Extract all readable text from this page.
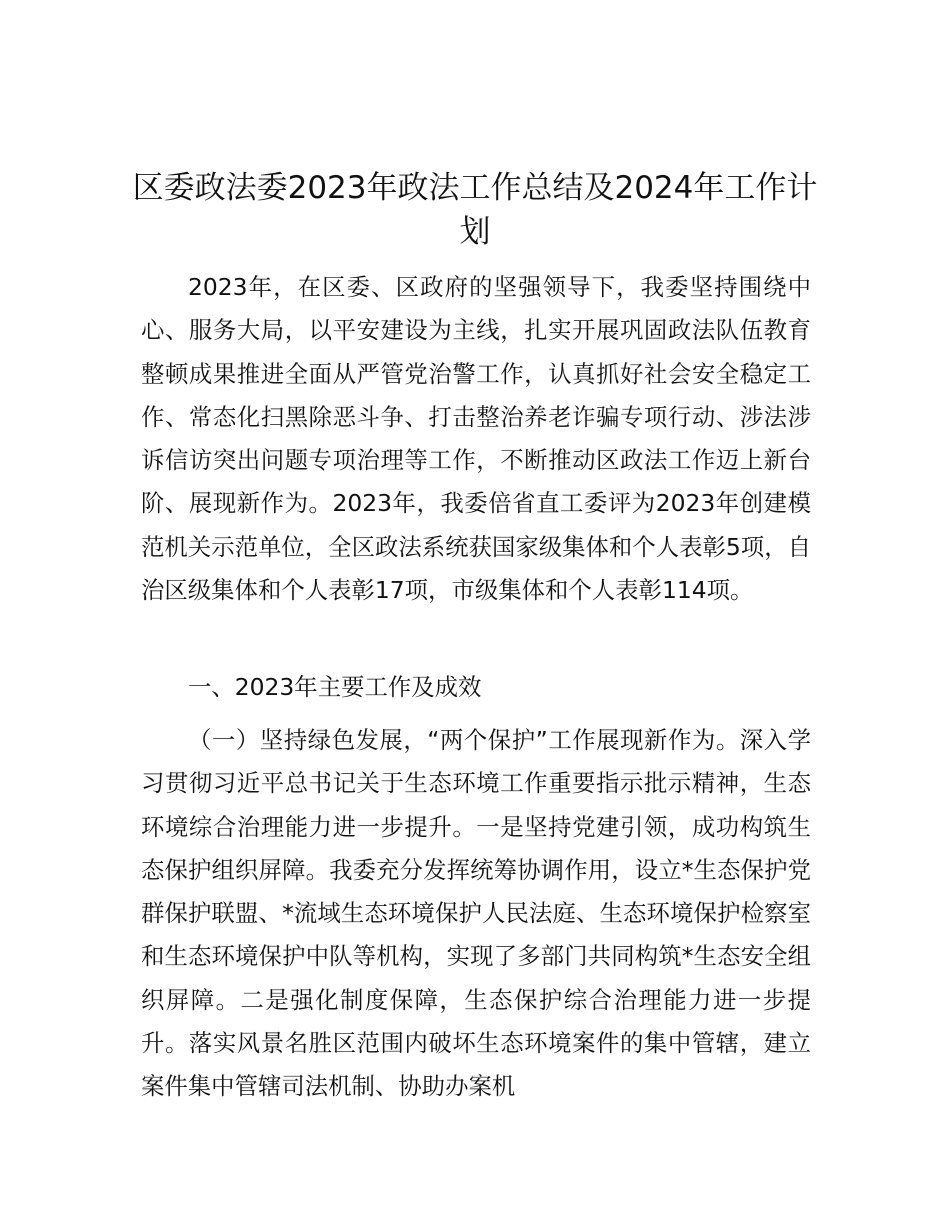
区委政法委2023年政法工作总结及2024年工作计划

2023年，在区委、区政府的坚强领导下，我委坚持围绕中心、服务大局，以平安建设为主线，扎实开展巩固政法队伍教育整顿成果推进全面从严管党治警工作，认真抓好社会安全稳定工作、常态化扫黑除恶斗争、打击整治养老诈骗专项行动、涉法涉诉信访突出问题专项治理等工作，不断推动区政法工作迈上新台阶、展现新作为。2023年，我委倍省直工委评为2023年创建模范机关示范单位，全区政法系统获国家级集体和个人表彰5项，自治区级集体和个人表彰17项，市级集体和个人表彰114项。

一、2023年主要工作及成效

（一）坚持绿色发展，“两个保护”工作展现新作为。深入学习贯彻习近平总书记关于生态环境工作重要指示批示精神，生态环境综合治理能力进一步提升。一是坚持党建引领，成功构筑生态保护组织屏障。我委充分发挥统筹协调作用，设立*生态保护党群保护联盟、*流域生态环境保护人民法庭、生态环境保护检察室和生态环境保护中队等机构，实现了多部门共同构筑*生态安全组织屏障。二是强化制度保障，生态保护综合治理能力进一步提升。落实风景名胜区范围内破坏生态环境案件的集中管辖，建立案件集中管辖司法机制、协助办案机
